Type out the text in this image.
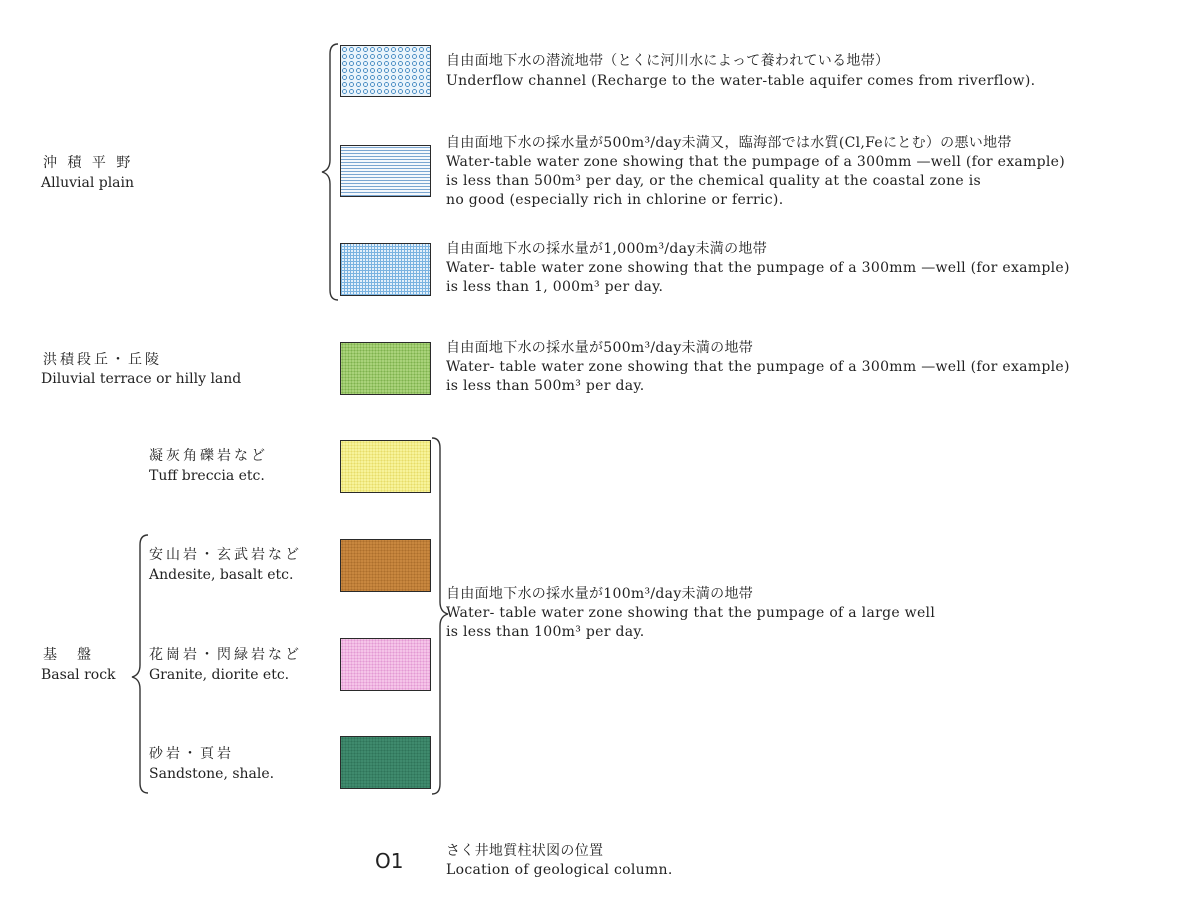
沖 積 平 野
Alluvial plain
自由面地下水の潜流地帯（とくに河川水によって養われている地帯）
Underflow channel (Recharge to the water-table aquifer comes from riverflow).
自由面地下水の採水量が500m³/day未満又，臨海部では水質(Cl,Feにとむ）の悪い地帯
Water-table water zone showing that the pumpage of a 300mm —well (for example)
is less than 500m³ per day, or the chemical quality at the coastal zone is
no good (especially rich in chlorine or ferric).
自由面地下水の採水量が1,000m³/day未満の地帯
Water- table water zone showing that the pumpage of a 300mm —well (for example)
is less than 1, 000m³ per day.
洪積段丘・丘陵
Diluvial terrace or hilly land
自由面地下水の採水量が500m³/day未満の地帯
Water- table water zone showing that the pumpage of a 300mm —well (for example)
is less than 500m³ per day.
凝灰角礫岩など
Tuff breccia etc.
安山岩・玄武岩など
Andesite, basalt etc.
花崗岩・閃緑岩など
Granite, diorite etc.
砂岩・頁岩
Sandstone, shale.
基　盤
Basal rock
自由面地下水の採水量が100m³/day未満の地帯
Water- table water zone showing that the pumpage of a large well
is less than 100m³ per day.
O1	さく井地質柱状図の位置
Location of geological column.
